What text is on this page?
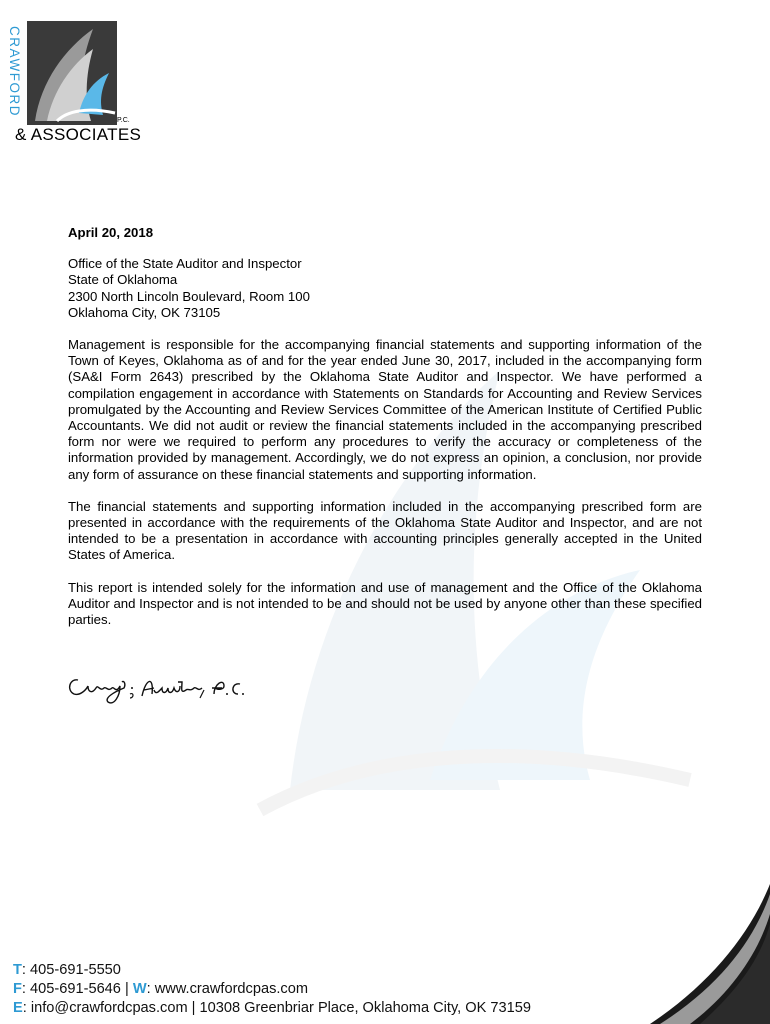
CRAWFORD
P.C.
& ASSOCIATES
April 20, 2018
Office of the State Auditor and Inspector
State of Oklahoma
2300 North Lincoln Boulevard, Room 100
Oklahoma City, OK 73105

Management is responsible for the accompanying financial statements and supporting information of the Town of Keyes, Oklahoma as of and for the year ended June 30, 2017, included in the accompanying form (SA&I Form 2643) prescribed by the Oklahoma State Auditor and Inspector. We have performed a compilation engagement in accordance with Statements on Standards for Accounting and Review Services promulgated by the Accounting and Review Services Committee of the American Institute of Certified Public Accountants. We did not audit or review the financial statements included in the accompanying prescribed form nor were we required to perform any procedures to verify the accuracy or completeness of the information provided by management. Accordingly, we do not express an opinion, a conclusion, nor provide any form of assurance on these financial statements and supporting information.

The financial statements and supporting information included in the accompanying prescribed form are presented in accordance with the requirements of the Oklahoma State Auditor and Inspector, and are not intended to be a presentation in accordance with accounting principles generally accepted in the United States of America.

This report is intended solely for the information and use of management and the Office of the Oklahoma Auditor and Inspector and is not intended to be and should not be used by anyone other than these specified parties.

T: 405-691-5550
F: 405-691-5646 | W: www.crawfordcpas.com
E: info@crawfordcpas.com | 10308 Greenbriar Place, Oklahoma City, OK 73159
